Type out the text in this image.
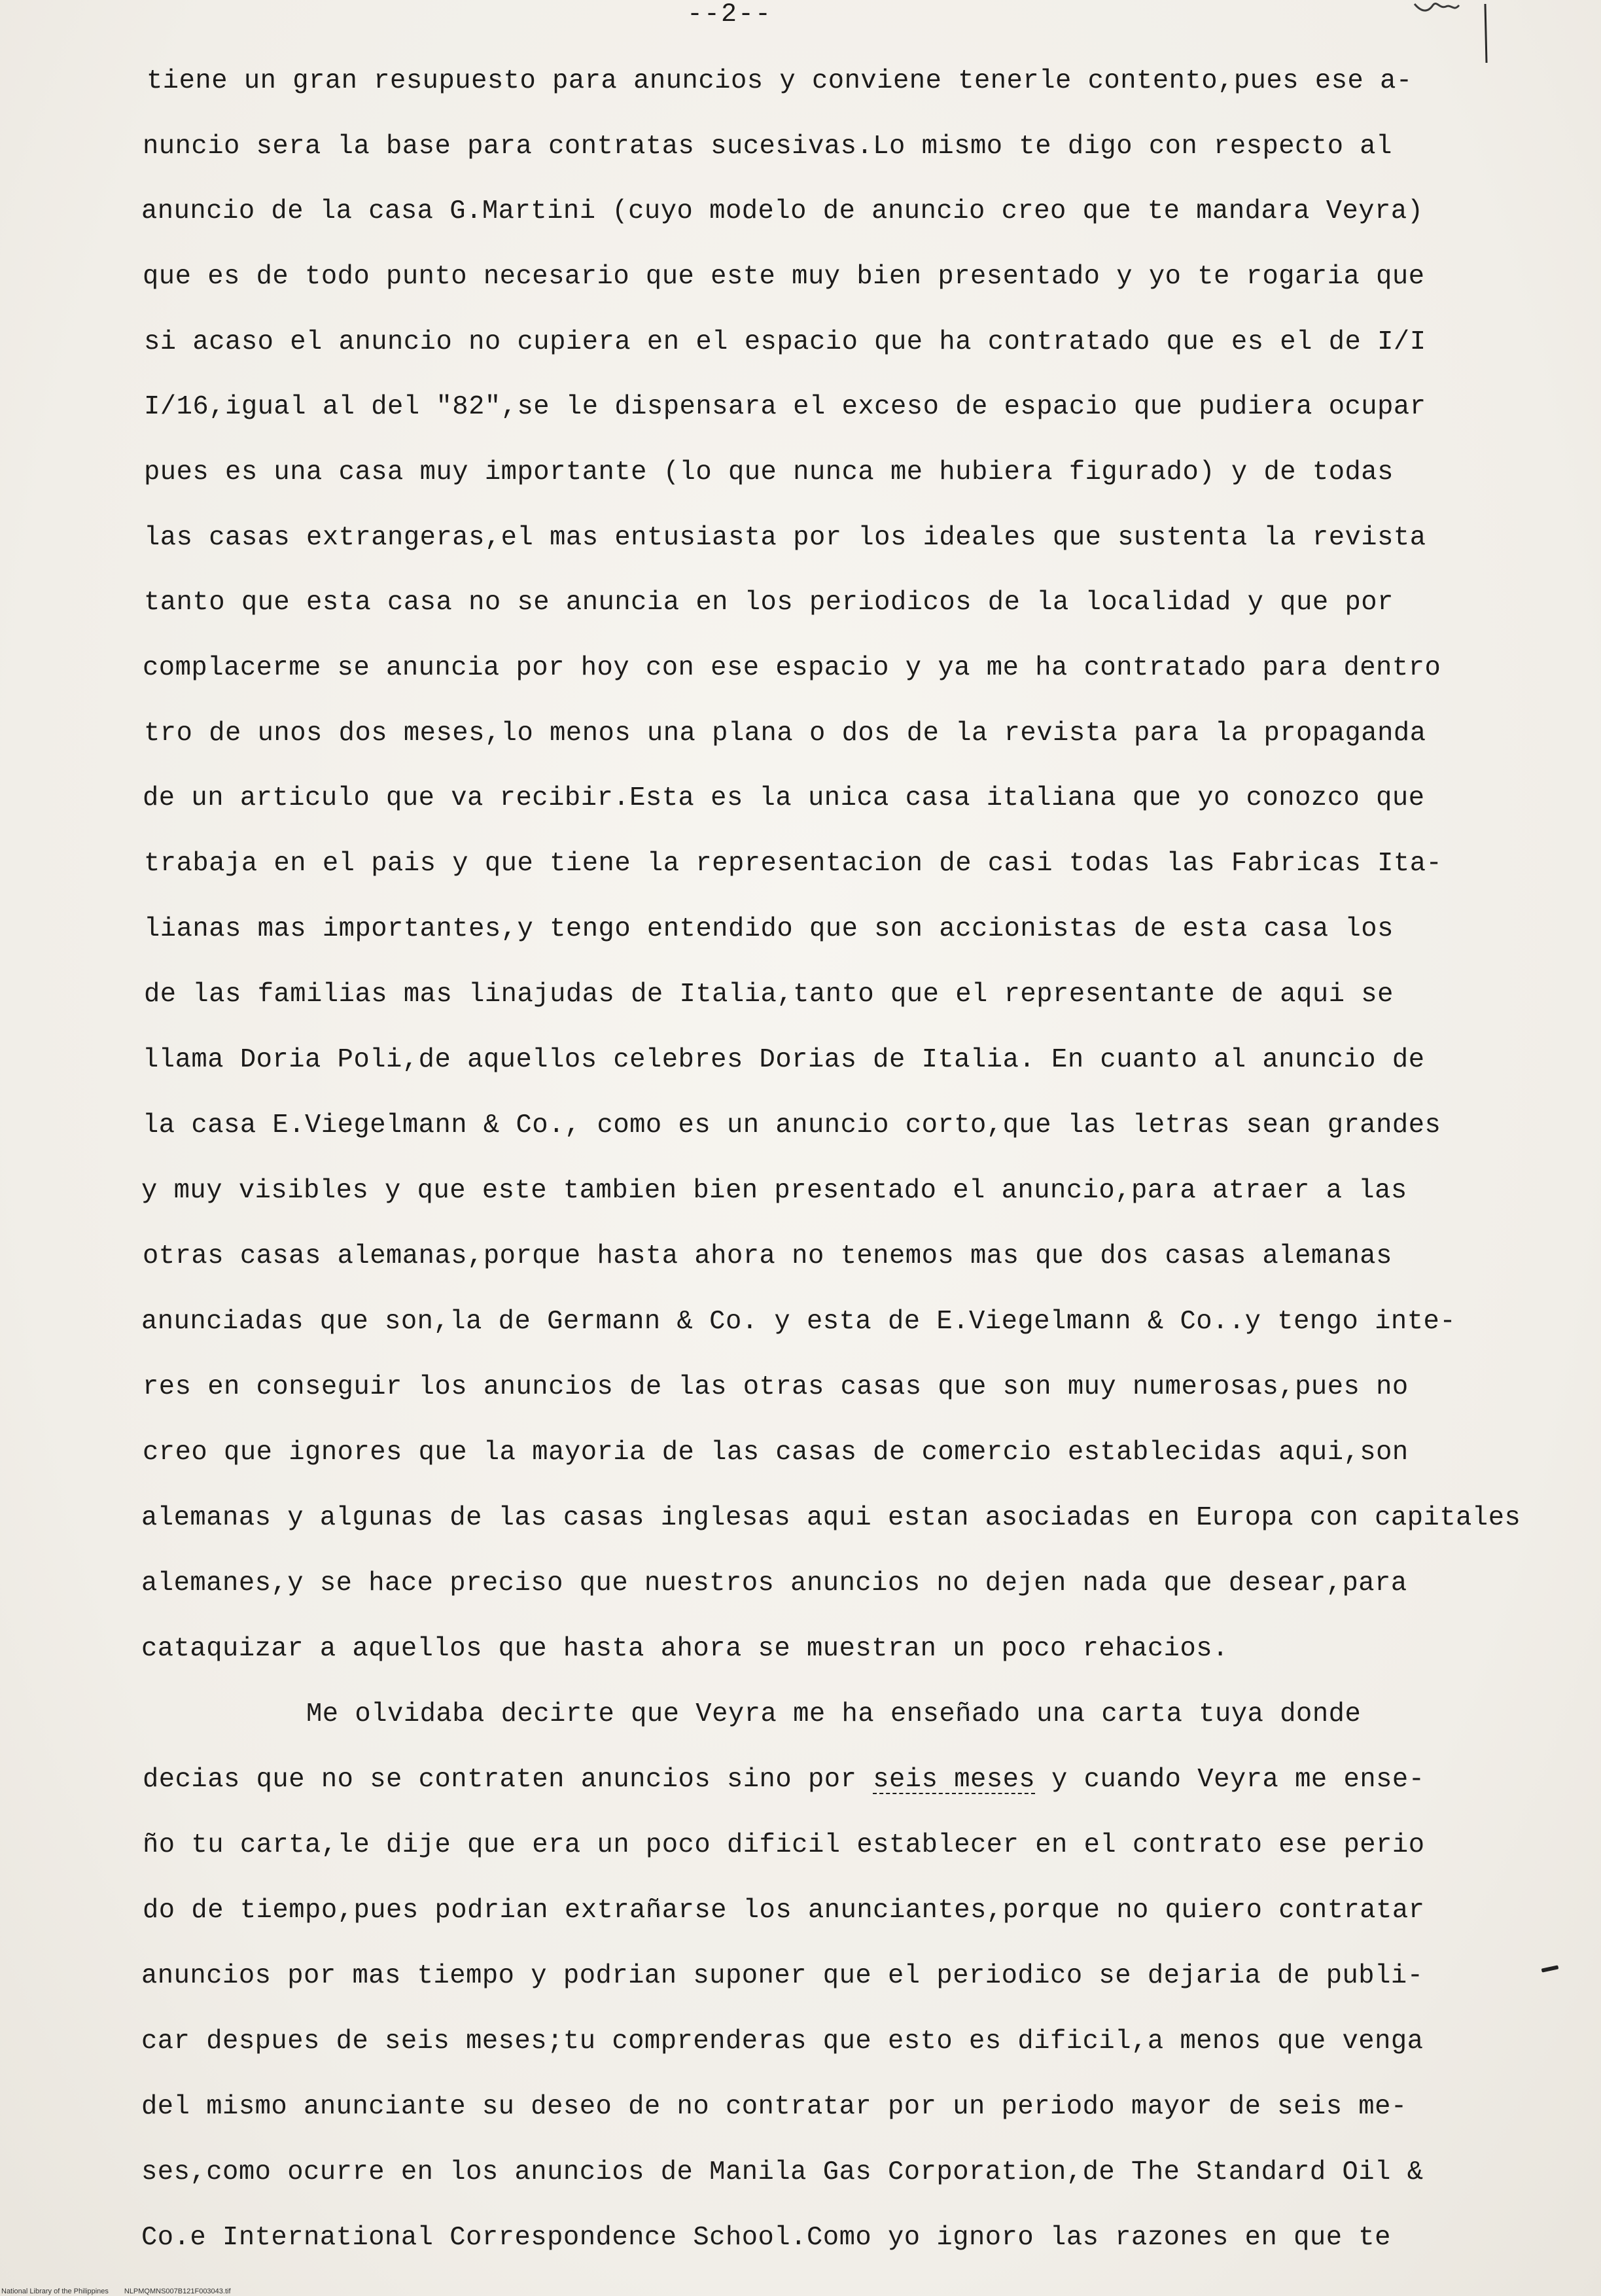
--2--
tiene un gran resupuesto para anuncios y conviene tenerle contento,pues ese a-
nuncio sera la base para contratas sucesivas.Lo mismo te digo con respecto al
anuncio de la casa G.Martini (cuyo modelo de anuncio creo que te mandara Veyra)
que es de todo punto necesario que este muy bien presentado y yo te rogaria que
si acaso el anuncio no cupiera en el espacio que ha contratado que es el de I/I
I/16,igual al del "82",se le dispensara el exceso de espacio que pudiera ocupar
pues es una casa muy importante (lo que nunca me hubiera figurado) y de todas
las casas extrangeras,el mas entusiasta por los ideales que sustenta la revista
tanto que esta casa no se anuncia en los periodicos de la localidad y que por
complacerme se anuncia por hoy con ese espacio y ya me ha contratado para dentro
tro de unos dos meses,lo menos una plana o dos de la revista para la propaganda
de un articulo que va recibir.Esta es la unica casa italiana que yo conozco que
trabaja en el pais y que tiene la representacion de casi todas las Fabricas Ita-
lianas mas importantes,y tengo entendido que son accionistas de esta casa los
de las familias mas linajudas de Italia,tanto que el representante de aqui se
llama Doria Poli,de aquellos celebres Dorias de Italia. En cuanto al anuncio de
la casa E.Viegelmann & Co., como es un anuncio corto,que las letras sean grandes
y muy visibles y que este tambien bien presentado el anuncio,para atraer a las
otras casas alemanas,porque hasta ahora no tenemos mas que dos casas alemanas
anunciadas que son,la de Germann & Co. y esta de E.Viegelmann & Co..y tengo inte-
res en conseguir los anuncios de las otras casas que son muy numerosas,pues no
creo que ignores que la mayoria de las casas de comercio establecidas aqui,son
alemanas y algunas de las casas inglesas aqui estan asociadas en Europa con capitales
alemanes,y se hace preciso que nuestros anuncios no dejen nada que desear,para
cataquizar a aquellos que hasta ahora se muestran un poco rehacios.
Me olvidaba decirte que Veyra me ha enseñado una carta tuya donde
decias que no se contraten anuncios sino por seis meses y cuando Veyra me ense-
ño tu carta,le dije que era un poco dificil establecer en el contrato ese perio
do de tiempo,pues podrian extrañarse los anunciantes,porque no quiero contratar
anuncios por mas tiempo y podrian suponer que el periodico se dejaria de publi-
car despues de seis meses;tu comprenderas que esto es dificil,a menos que venga
del mismo anunciante su deseo de no contratar por un periodo mayor de seis me-
ses,como ocurre en los anuncios de Manila Gas Corporation,de The Standard Oil &
Co.e International Correspondence School.Como yo ignoro las razones en que te
National Library of the Philippines NLPMQMNS007B121F003043.tif
